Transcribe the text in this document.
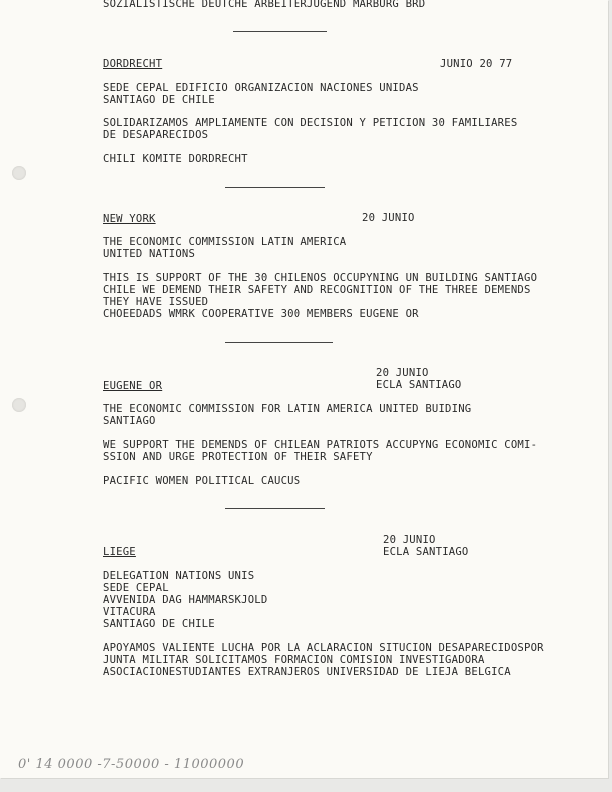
SOZIALISTISCHE DEUTCHE ARBEITERJUGEND MARBURG BRD

DORDRECHT	JUNIO 20 77

SEDE CEPAL EDIFICIO ORGANIZACION NACIONES UNIDAS

SANTIAGO DE CHILE

SOLIDARIZAMOS AMPLIAMENTE CON DECISION Y PETICION 30 FAMILIARES

DE DESAPARECIDOS

CHILI KOMITE DORDRECHT

NEW YORK	20 JUNIO

THE ECONOMIC COMMISSION LATIN AMERICA

UNITED NATIONS

THIS IS SUPPORT OF THE 30 CHILENOS OCCUPYNING UN BUILDING SANTIAGO

CHILE WE DEMEND THEIR SAFETY AND RECOGNITION OF THE THREE DEMENDS

THEY HAVE ISSUED

CHOEEDADS WMRK COOPERATIVE 300 MEMBERS EUGENE OR

20 JUNIO

ECLA SANTIAGO

EUGENE OR

THE ECONOMIC COMMISSION FOR LATIN AMERICA UNITED BUIDING

SANTIAGO

WE SUPPORT THE DEMENDS OF CHILEAN PATRIOTS ACCUPYNG ECONOMIC COMI-

SSION AND URGE PROTECTION OF THEIR SAFETY

PACIFIC WOMEN POLITICAL CAUCUS

20 JUNIO

ECLA SANTIAGO

LIEGE

DELEGATION NATIONS UNIS

SEDE CEPAL

AVVENIDA DAG HAMMARSKJOLD

VITACURA

SANTIAGO DE CHILE

APOYAMOS VALIENTE LUCHA POR LA ACLARACION SITUCION DESAPARECIDOSPOR

JUNTA MILITAR SOLICITAMOS FORMACION COMISION INVESTIGADORA

ASOCIACIONESTUDIANTES EXTRANJEROS UNIVERSIDAD DE LIEJA BELGICA

0' 14 0000 -7-50000 - 11000000
